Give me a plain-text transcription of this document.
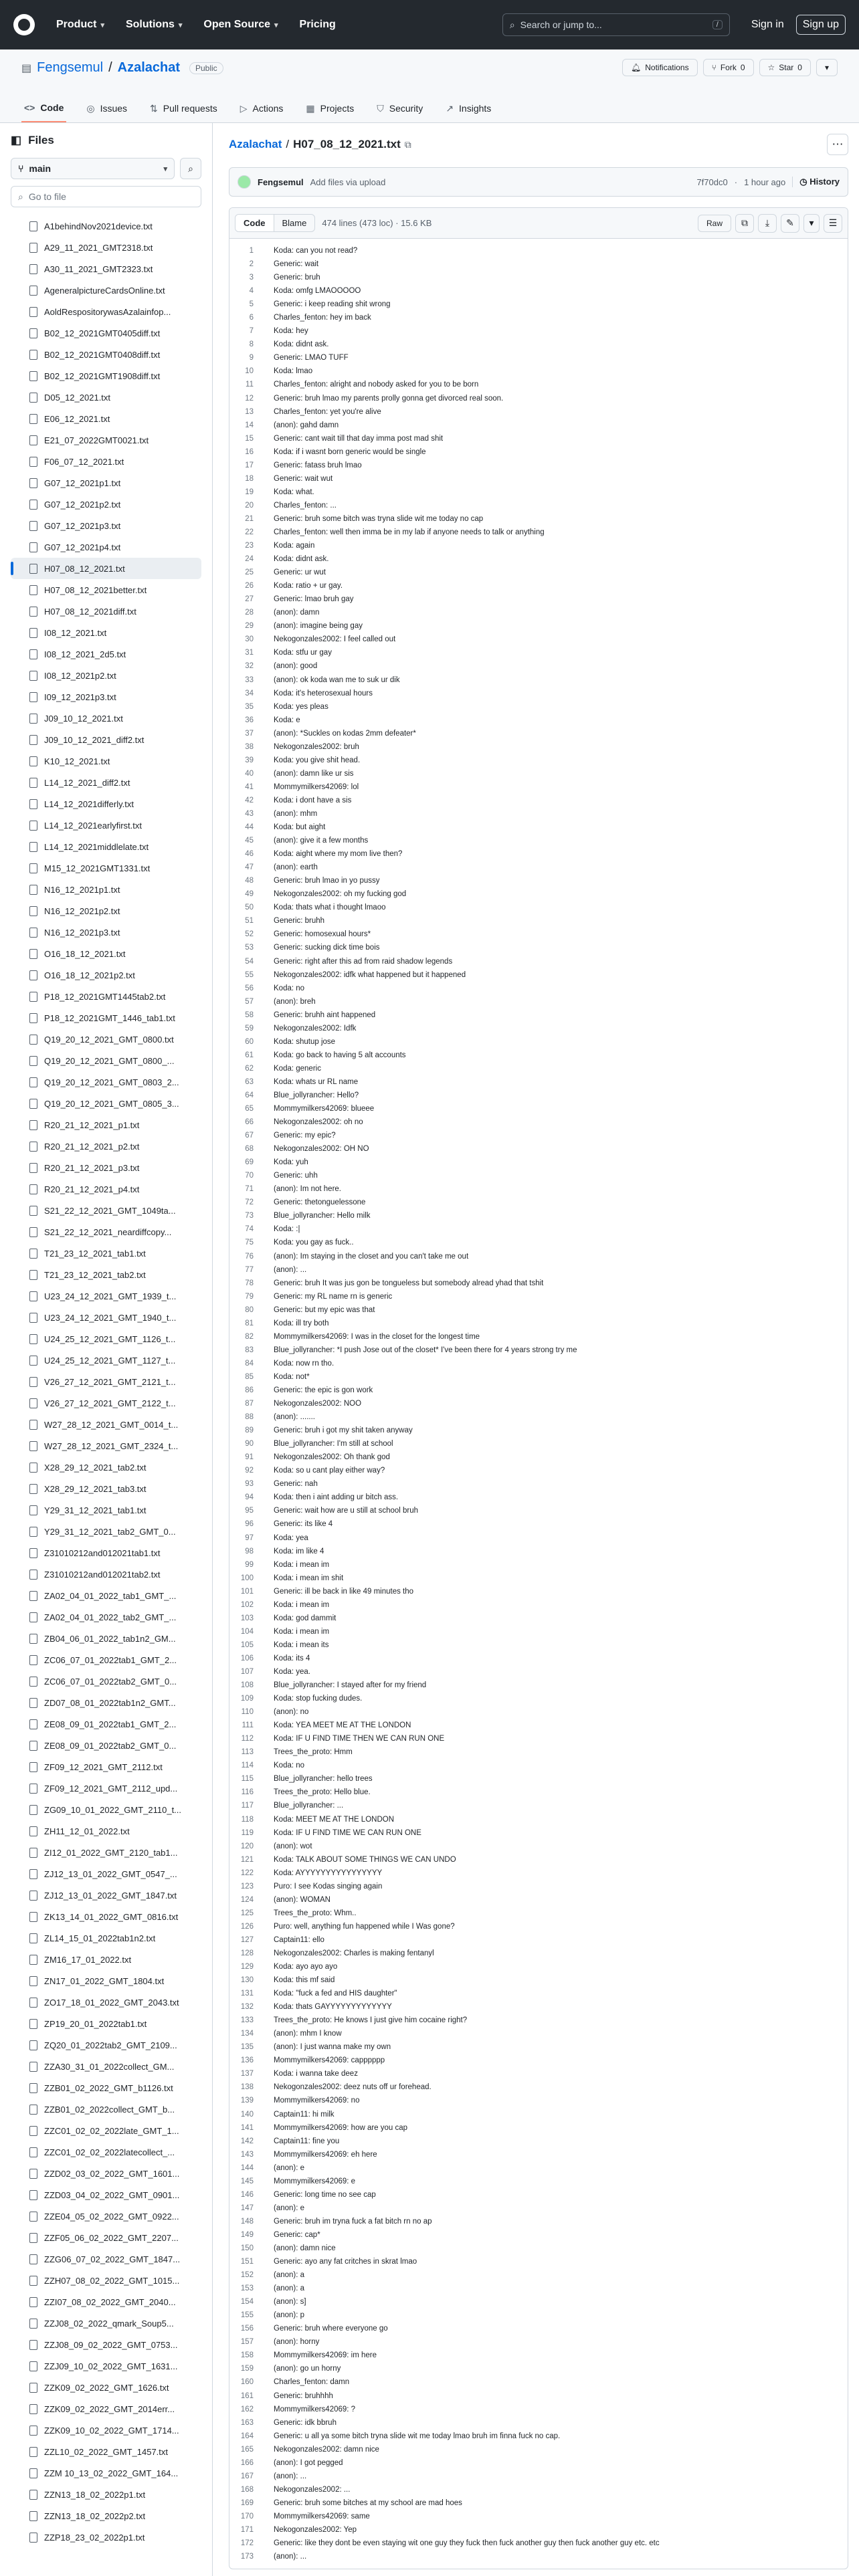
Product ▾ Solutions ▾ Open Source ▾ Pricing	⌕ Search or jump to...	/	Sign in	Sign up
▤ Fengsemul / Azalachat	Public	🔔︎ Notifications	⑂ Fork 0	☆ Star 0	▾
<> Code ◎ Issues ⇅ Pull requests ▷ Actions ▦ Projects ⛉ Security ↗ Insights
◧ Files
⑂ main	▾ ⌕
⌕ Go to file
A1behindNov2021device.txt
A29_11_2021_GMT2318.txt
A30_11_2021_GMT2323.txt
AgeneralpictureCardsOnline.txt
AoldRespositorywasAzalainfop...
B02_12_2021GMT0405diff.txt
B02_12_2021GMT0408diff.txt
B02_12_2021GMT1908diff.txt
D05_12_2021.txt
E06_12_2021.txt
E21_07_2022GMT0021.txt
F06_07_12_2021.txt
G07_12_2021p1.txt
G07_12_2021p2.txt
G07_12_2021p3.txt
G07_12_2021p4.txt
H07_08_12_2021.txt
H07_08_12_2021better.txt
H07_08_12_2021diff.txt
I08_12_2021.txt
I08_12_2021_2d5.txt
I08_12_2021p2.txt
I09_12_2021p3.txt
J09_10_12_2021.txt
J09_10_12_2021_diff2.txt
K10_12_2021.txt
L14_12_2021_diff2.txt
L14_12_2021differly.txt
L14_12_2021earlyfirst.txt
L14_12_2021middlelate.txt
M15_12_2021GMT1331.txt
N16_12_2021p1.txt
N16_12_2021p2.txt
N16_12_2021p3.txt
O16_18_12_2021.txt
O16_18_12_2021p2.txt
P18_12_2021GMT1445tab2.txt
P18_12_2021GMT_1446_tab1.txt
Q19_20_12_2021_GMT_0800.txt
Q19_20_12_2021_GMT_0800_...
Q19_20_12_2021_GMT_0803_2...
Q19_20_12_2021_GMT_0805_3...
R20_21_12_2021_p1.txt
R20_21_12_2021_p2.txt
R20_21_12_2021_p3.txt
R20_21_12_2021_p4.txt
S21_22_12_2021_GMT_1049ta...
S21_22_12_2021_neardiffcopy...
T21_23_12_2021_tab1.txt
T21_23_12_2021_tab2.txt
U23_24_12_2021_GMT_1939_t...
U23_24_12_2021_GMT_1940_t...
U24_25_12_2021_GMT_1126_t...
U24_25_12_2021_GMT_1127_t...
V26_27_12_2021_GMT_2121_t...
V26_27_12_2021_GMT_2122_t...
W27_28_12_2021_GMT_0014_t...
W27_28_12_2021_GMT_2324_t...
X28_29_12_2021_tab2.txt
X28_29_12_2021_tab3.txt
Y29_31_12_2021_tab1.txt
Y29_31_12_2021_tab2_GMT_0...
Z31010212and012021tab1.txt
Z31010212and012021tab2.txt
ZA02_04_01_2022_tab1_GMT_...
ZA02_04_01_2022_tab2_GMT_...
ZB04_06_01_2022_tab1n2_GM...
ZC06_07_01_2022tab1_GMT_2...
ZC06_07_01_2022tab2_GMT_0...
ZD07_08_01_2022tab1n2_GMT...
ZE08_09_01_2022tab1_GMT_2...
ZE08_09_01_2022tab2_GMT_0...
ZF09_12_2021_GMT_2112.txt
ZF09_12_2021_GMT_2112_upd...
ZG09_10_01_2022_GMT_2110_t...
ZH11_12_01_2022.txt
ZI12_01_2022_GMT_2120_tab1...
ZJ12_13_01_2022_GMT_0547_...
ZJ12_13_01_2022_GMT_1847.txt
ZK13_14_01_2022_GMT_0816.txt
ZL14_15_01_2022tab1n2.txt
ZM16_17_01_2022.txt
ZN17_01_2022_GMT_1804.txt
ZO17_18_01_2022_GMT_2043.txt
ZP19_20_01_2022tab1.txt
ZQ20_01_2022tab2_GMT_2109...
ZZA30_31_01_2022collect_GM...
ZZB01_02_2022_GMT_b1126.txt
ZZB01_02_2022collect_GMT_b...
ZZC01_02_02_2022late_GMT_1...
ZZC01_02_02_2022latecollect_...
ZZD02_03_02_2022_GMT_1601...
ZZD03_04_02_2022_GMT_0901...
ZZE04_05_02_2022_GMT_0922...
ZZF05_06_02_2022_GMT_2207...
ZZG06_07_02_2022_GMT_1847...
ZZH07_08_02_2022_GMT_1015...
ZZI07_08_02_2022_GMT_2040...
ZZJ08_02_2022_qmark_Soup5...
ZZJ08_09_02_2022_GMT_0753...
ZZJ09_10_02_2022_GMT_1631...
ZZK09_02_2022_GMT_1626.txt
ZZK09_02_2022_GMT_2014err...
ZZK09_10_02_2022_GMT_1714...
ZZL10_02_2022_GMT_1457.txt
ZZM 10_13_02_2022_GMT_164...
ZZN13_18_02_2022p1.txt
ZZN13_18_02_2022p2.txt
ZZP18_23_02_2022p1.txt
Azalachat / H07_08_12_2021.txt ⧉	⋯
Fengsemul Add files via upload	7f70dc0 · 1 hour ago	◷ History
Code	Blame	474 lines (473 loc) · 15.6 KB	Raw ⧉ ⤓ ✎ ▾ ☰
1	Koda: can you not read?
2	Generic: wait
3	Generic: bruh
4	Koda: omfg LMAOOOOO
5	Generic: i keep reading shit wrong
6	Charles_fenton: hey im back
7	Koda: hey
8	Koda: didnt ask.
9	Generic: LMAO TUFF
10	Koda: lmao
11	Charles_fenton: alright and nobody asked for you to be born
12	Generic: bruh lmao my parents prolly gonna get divorced real soon.
13	Charles_fenton: yet you're alive
14	(anon): gahd damn
15	Generic: cant wait till that day imma post mad shit
16	Koda: if i wasnt born generic would be single
17	Generic: fatass bruh lmao
18	Generic: wait wut
19	Koda: what.
20	Charles_fenton: ...
21	Generic: bruh some bitch was tryna slide wit me today no cap
22	Charles_fenton: well then imma be in my lab if anyone needs to talk or anything
23	Koda: again
24	Koda: didnt ask.
25	Generic: ur wut
26	Koda: ratio + ur gay.
27	Generic: lmao bruh gay
28	(anon): damn
29	(anon): imagine being gay
30	Nekogonzales2002: I feel called out
31	Koda: stfu ur gay
32	(anon): good
33	(anon): ok koda wan me to suk ur dik
34	Koda: it's heterosexual hours
35	Koda: yes pleas
36	Koda: e
37	(anon): *Suckles on kodas 2mm defeater*
38	Nekogonzales2002: bruh
39	Koda: you give shit head.
40	(anon): damn like ur sis
41	Mommymilkers42069: lol
42	Koda: i dont have a sis
43	(anon): mhm
44	Koda: but aight
45	(anon): give it a few months
46	Koda: aight where my mom live then?
47	(anon): earth
48	Generic: bruh lmao in yo pussy
49	Nekogonzales2002: oh my fucking god
50	Koda: thats what i thought lmaoo
51	Generic: bruhh
52	Generic: homosexual hours*
53	Generic: sucking dick time bois
54	Generic: right after this ad from raid shadow legends
55	Nekogonzales2002: idfk what happened but it happened
56	Koda: no
57	(anon): breh
58	Generic: bruhh aint happened
59	Nekogonzales2002: Idfk
60	Koda: shutup jose
61	Koda: go back to having 5 alt accounts
62	Koda: generic
63	Koda: whats ur RL name
64	Blue_jollyrancher: Hello?
65	Mommymilkers42069: blueee
66	Nekogonzales2002: oh no
67	Generic: my epic?
68	Nekogonzales2002: OH NO
69	Koda: yuh
70	Generic: uhh
71	(anon): Im not here.
72	Generic: thetonguelessone
73	Blue_jollyrancher: Hello milk
74	Koda: :|
75	Koda: you gay as fuck..
76	(anon): Im staying in the closet and you can't take me out
77	(anon): ...
78	Generic: bruh It was jus gon be tongueless but somebody alread yhad that tshit
79	Generic: my RL name rn is generic
80	Generic: but my epic was that
81	Koda: ill try both
82	Mommymilkers42069: I was in the closet for the longest time
83	Blue_jollyrancher: *I push Jose out of the closet* I've been there for 4 years strong try me
84	Koda: now rn tho.
85	Koda: not*
86	Generic: the epic is gon work
87	Nekogonzales2002: NOO
88	(anon): .......
89	Generic: bruh i got my shit taken anyway
90	Blue_jollyrancher: I'm still at school
91	Nekogonzales2002: Oh thank god
92	Koda: so u cant play either way?
93	Generic: nah
94	Koda: then i aint adding ur bitch ass.
95	Generic: wait how are u still at school bruh
96	Generic: its like 4
97	Koda: yea
98	Koda: im like 4
99	Koda: i mean im
100	Koda: i mean im shit
101	Generic: ill be back in like 49 minutes tho
102	Koda: i mean im
103	Koda: god dammit
104	Koda: i mean im
105	Koda: i mean its
106	Koda: its 4
107	Koda: yea.
108	Blue_jollyrancher: I stayed after for my friend
109	Koda: stop fucking dudes.
110	(anon): no
111	Koda: YEA MEET ME AT THE LONDON
112	Koda: IF U FIND TIME THEN WE CAN RUN ONE
113	Trees_the_proto: Hmm
114	Koda: no
115	Blue_jollyrancher: hello trees
116	Trees_the_proto: Hello blue.
117	Blue_jollyrancher: ...
118	Koda: MEET ME AT THE LONDON
119	Koda: IF U FIND TIME WE CAN RUN ONE
120	(anon): wot
121	Koda: TALK ABOUT SOME THINGS WE CAN UNDO
122	Koda: AYYYYYYYYYYYYYYYY
123	Puro: I see Kodas singing again
124	(anon): WOMAN
125	Trees_the_proto: Whm..
126	Puro: well, anything fun happened while I Was gone?
127	Captain11: ello
128	Nekogonzales2002: Charles is making fentanyl
129	Koda: ayo ayo ayo
130	Koda: this mf said
131	Koda: "fuck a fed and HIS daughter"
132	Koda: thats GAYYYYYYYYYYYYY
133	Trees_the_proto: He knows I just give him cocaine right?
134	(anon): mhm I know
135	(anon): I just wanna make my own
136	Mommymilkers42069: capppppp
137	Koda: i wanna take deez
138	Nekogonzales2002: deez nuts off ur forehead.
139	Mommymilkers42069: no
140	Captain11: hi milk
141	Mommymilkers42069: how are you cap
142	Captain11: fine you
143	Mommymilkers42069: eh here
144	(anon): e
145	Mommymilkers42069: e
146	Generic: long time no see cap
147	(anon): e
148	Generic: bruh im tryna fuck a fat bitch rn no ap
149	Generic: cap*
150	(anon): damn nice
151	Generic: ayo any fat critches in skrat lmao
152	(anon): a
153	(anon): a
154	(anon): s]
155	(anon): p
156	Generic: bruh where everyone go
157	(anon): horny
158	Mommymilkers42069: im here
159	(anon): go un horny
160	Charles_fenton: damn
161	Generic: bruhhhh
162	Mommymilkers42069: ?
163	Generic: idk bbruh
164	Generic: u all ya some bitch tryna slide wit me today lmao bruh im finna fuck no cap.
165	Nekogonzales2002: damn nice
166	(anon): I got pegged
167	(anon): ...
168	Nekogonzales2002: ...
169	Generic: bruh some bitches at my school are mad hoes
170	Mommymilkers42069: same
171	Nekogonzales2002: Yep
172	Generic: like they dont be even staying wit one guy they fuck then fuck another guy then fuck another guy etc. etc
173	(anon): ...
